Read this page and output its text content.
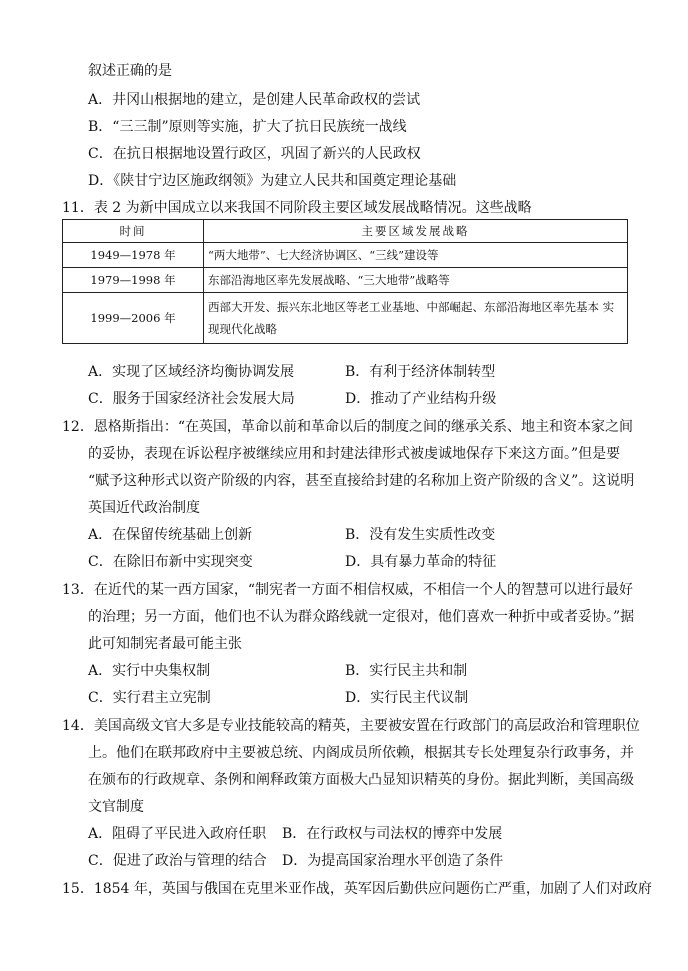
叙述正确的是
A．井冈山根据地的建立，是创建人民革命政权的尝试
B．“三三制”原则等实施，扩大了抗日民族统一战线
C．在抗日根据地设置行政区，巩固了新兴的人民政权
D．《陕甘宁边区施政纲领》为建立人民共和国奠定理论基础
11．表 2 为新中国成立以来我国不同阶段主要区域发展战略情况。这些战略
时间	主要区域发展战略
1949—1978 年	“两大地带”、七大经济协调区、“三线”建设等
1979—1998 年	东部沿海地区率先发展战略、“三大地带”战略等
1999—2006 年	西部大开发、振兴东北地区等老工业基地、中部崛起、东部沿海地区率先基本 实现现代化战略
A．实现了区域经济均衡协调发展	B．有利于经济体制转型
C．服务于国家经济社会发展大局	D．推动了产业结构升级
12．恩格斯指出：“在英国，革命以前和革命以后的制度之间的继承关系、地主和资本家之间
的妥协，表现在诉讼程序被继续应用和封建法律形式被虔诚地保存下来这方面。”但是要
“赋予这种形式以资产阶级的内容，甚至直接给封建的名称加上资产阶级的含义”。这说明
英国近代政治制度
A．在保留传统基础上创新	B．没有发生实质性改变
C．在除旧布新中实现突变	D．具有暴力革命的特征
13．在近代的某一西方国家，“制宪者一方面不相信权威，不相信一个人的智慧可以进行最好
的治理；另一方面，他们也不认为群众路线就一定很对，他们喜欢一种折中或者妥协。”据
此可知制宪者最可能主张
A．实行中央集权制	B．实行民主共和制
C．实行君主立宪制	D．实行民主代议制
14．美国高级文官大多是专业技能较高的精英，主要被安置在行政部门的高层政治和管理职位
上。他们在联邦政府中主要被总统、内阁成员所依赖，根据其专长处理复杂行政事务，并
在颁布的行政规章、条例和阐释政策方面极大凸显知识精英的身份。据此判断，美国高级
文官制度
A．阻碍了平民进入政府任职 B．在行政权与司法权的博弈中发展
C．促进了政治与管理的结合 D．为提高国家治理水平创造了条件
15．1854 年，英国与俄国在克里米亚作战，英军因后勤供应问题伤亡严重，加剧了人们对政府
